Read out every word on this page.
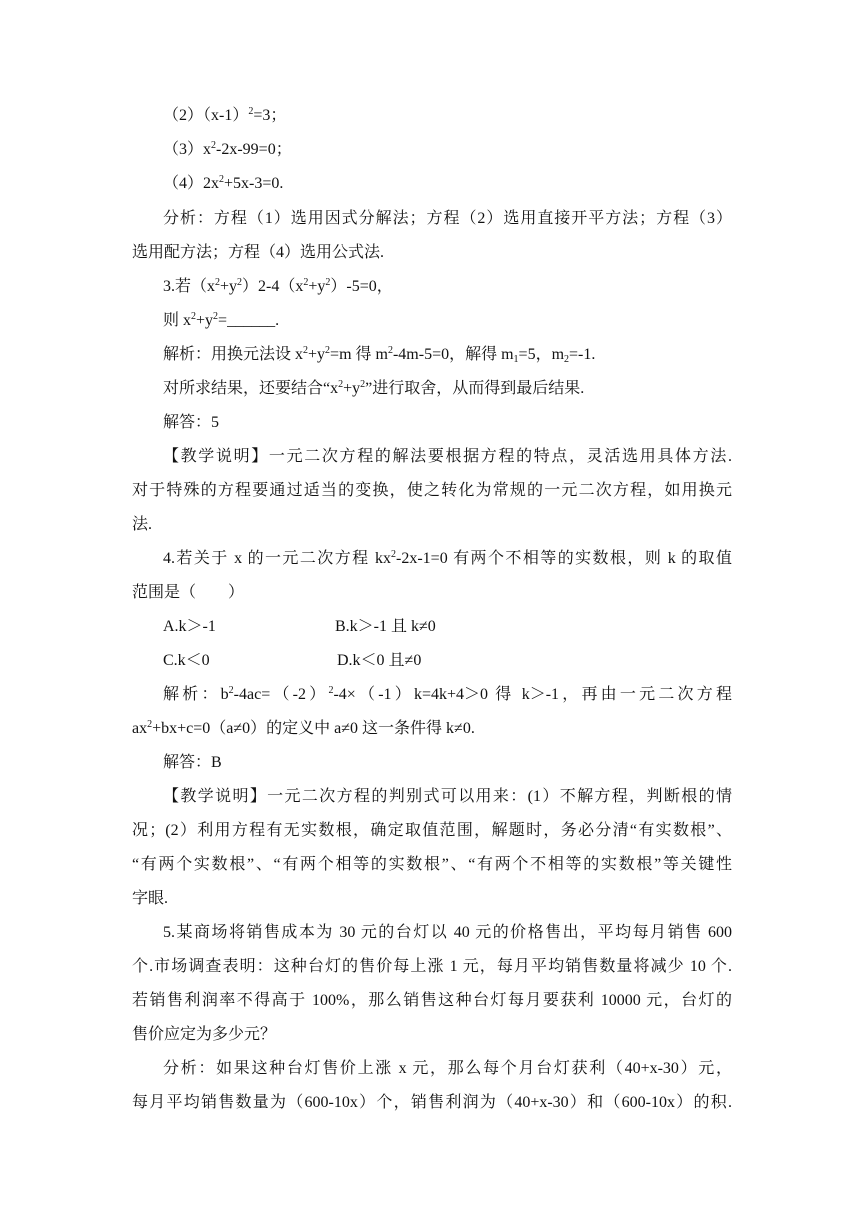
$(2)(x-1)^2=3$；
$(3)x^2-2x-99=0$；
$(4)2x^2+5x-3=0$.
分析：方程（1）选用因式分解法；方程（2）选用直接开平方法；方程（3）
选用配方法；方程（4）选用公式法.
3.若$(x^2+y^2)2-4(x^2+y^2)-5=0$，
则 $x^2+y^2=\_\_\_\_\_\_$.
解析：用换元法设 $x^2+y^2=m$ 得 $m^2-4m-5=0$，解得 $m_1=5$，$m_2=-1$.
对所求结果，还要结合“$x^2+y^2$”进行取舍，从而得到最后结果.
解答：5
【教学说明】一元二次方程的解法要根据方程的特点，灵活选用具体方法.
对于特殊的方程要通过适当的变换，使之转化为常规的一元二次方程，如用换元
法.
4.若关于 x 的一元二次方程 $kx^2-2x-1=0$ 有两个不相等的实数根，则 k 的取值
范围是（　　）
A.k＞-1	B.k＞-1 且 k≠0
C.k＜0	D.k＜0 且≠0
解析：$b^2-4ac=(-2)^2-4\times(-1)k=4k+4>0$ 得 k＞-1，再由一元二次方程
$ax^2+bx+c=0(a\ne 0)$的定义中 a≠0 这一条件得 k≠0.
解答：B
【教学说明】一元二次方程的判别式可以用来：(1）不解方程，判断根的情
况；(2）利用方程有无实数根，确定取值范围，解题时，务必分清“有实数根”、
“有两个实数根”、“有两个相等的实数根”、“有两个不相等的实数根”等关键性
字眼.
5.某商场将销售成本为 30 元的台灯以 40 元的价格售出，平均每月销售 600
个.市场调查表明：这种台灯的售价每上涨 1 元，每月平均销售数量将减少 10 个.
若销售利润率不得高于 100%，那么销售这种台灯每月要获利 10000 元，台灯的
售价应定为多少元？
分析：如果这种台灯售价上涨 x 元，那么每个月台灯获利（40+x-30）元，
每月平均销售数量为（600-10x）个，销售利润为（40+x-30）和（600-10x）的积.
